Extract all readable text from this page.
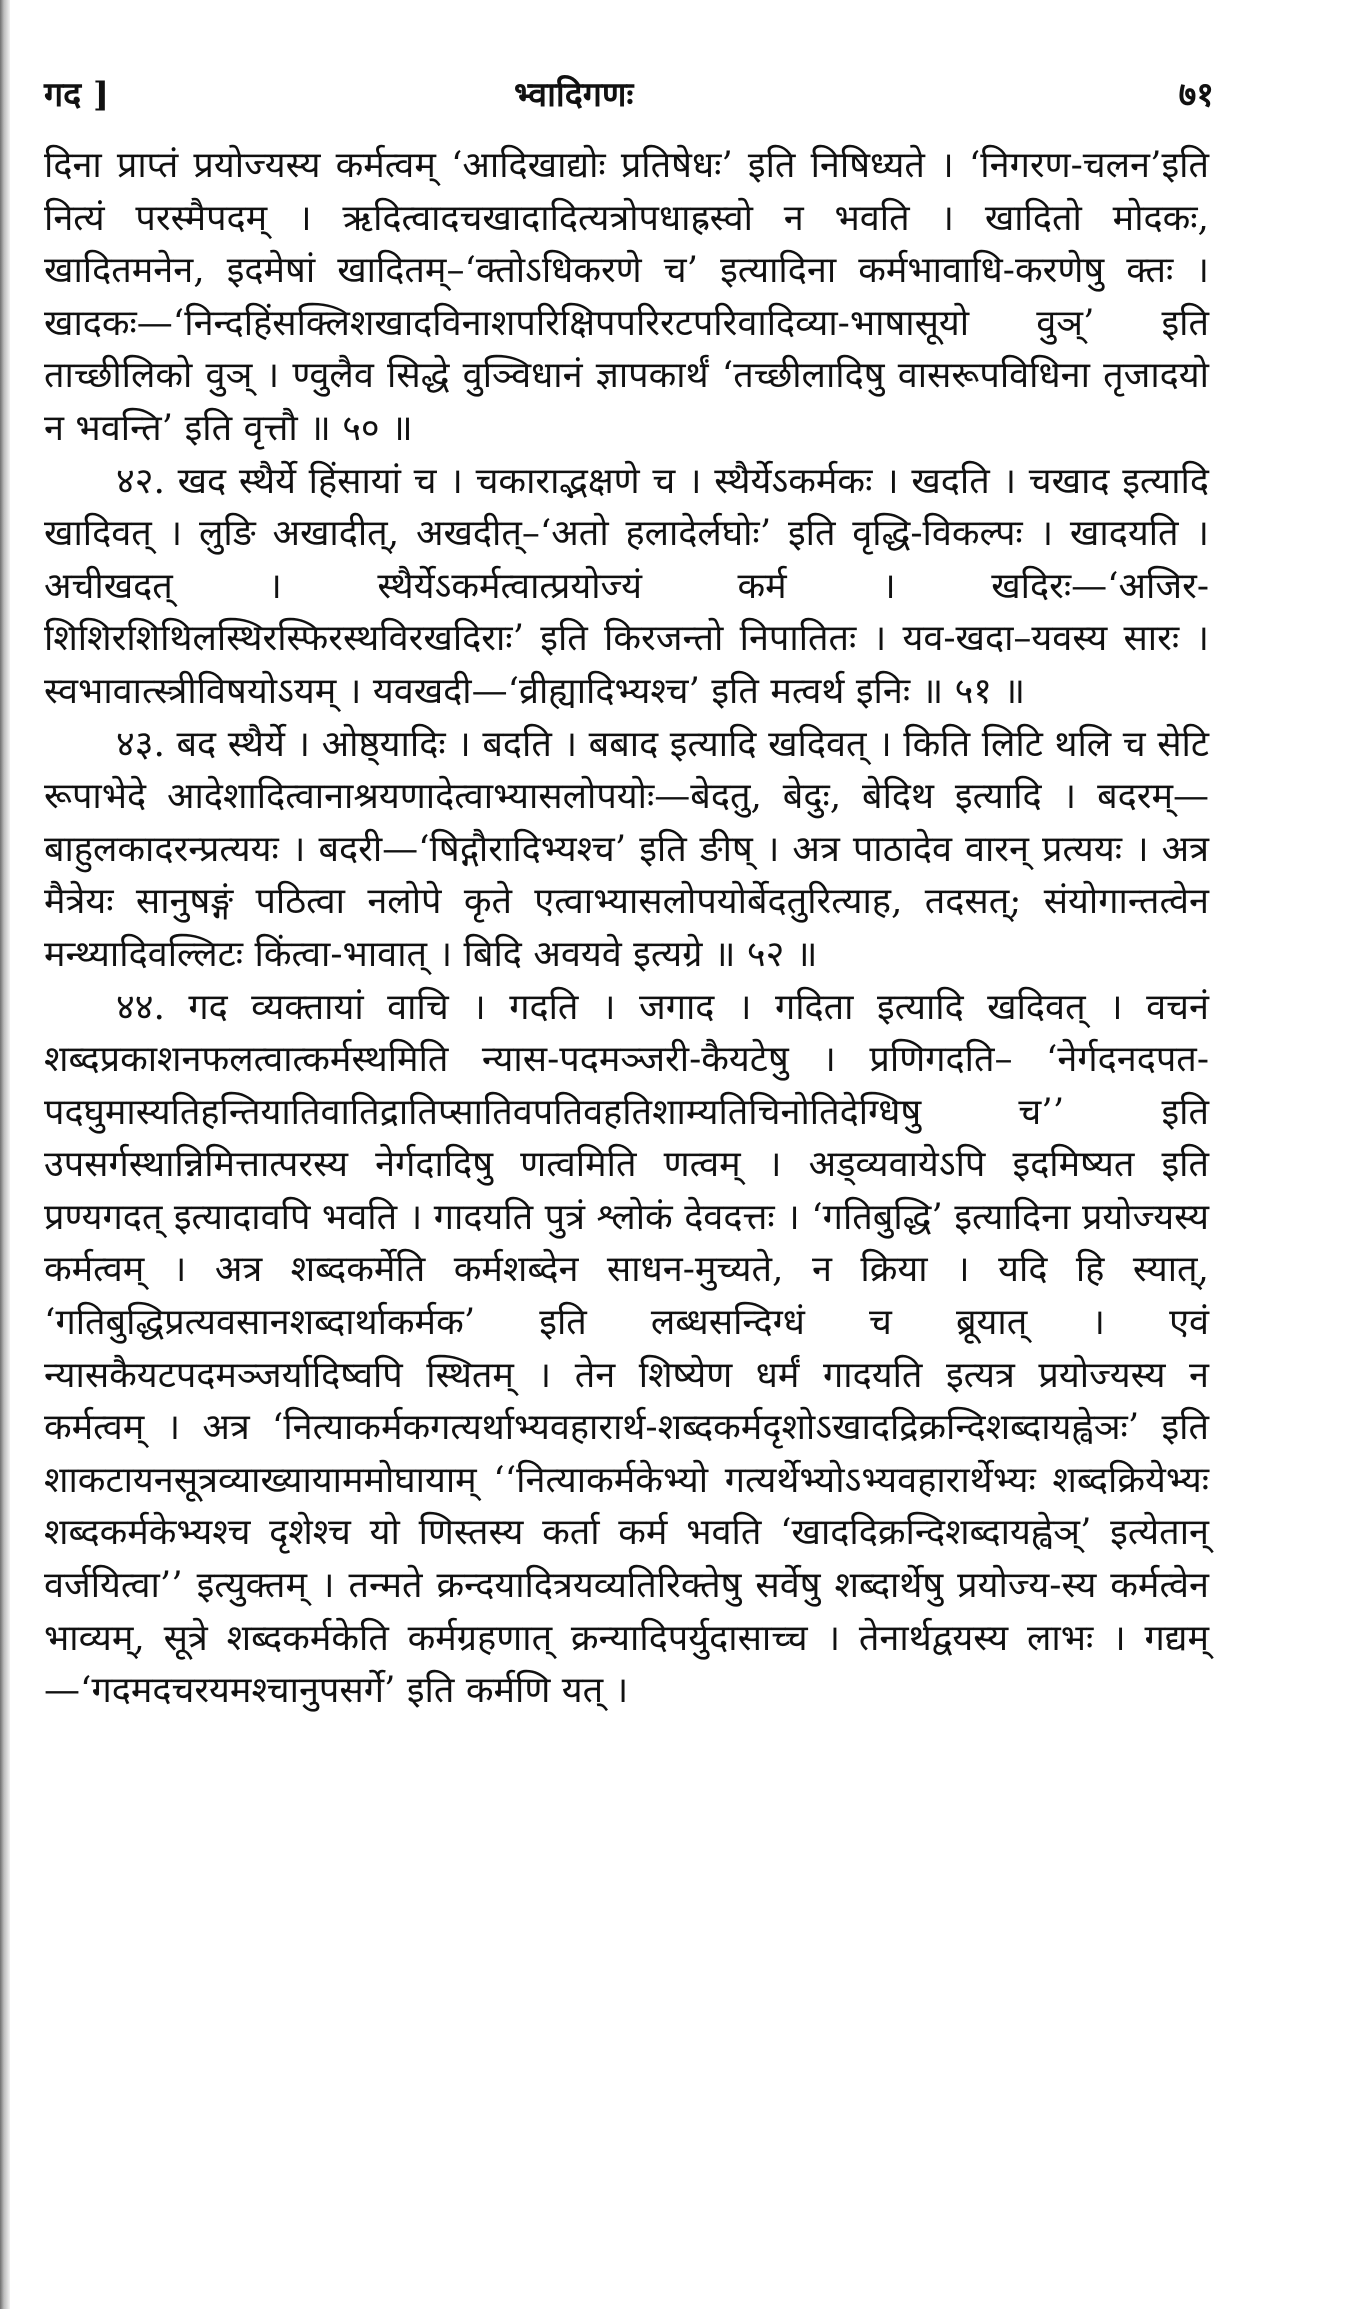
गद ]	भ्वादिगणः	७१

दिना प्राप्तं प्रयोज्यस्य कर्मत्वम् ‘आदिखाद्योः प्रतिषेधः’ इति निषिध्यते । ‘निगरण-चलन’इति नित्यं परस्मैपदम् । ऋदित्वादचखादादित्यत्रोपधाह्रस्वो न भवति । खादितो मोदकः, खादितमनेन, इदमेषां खादितम्–‘क्तोऽधिकरणे च’ इत्यादिना कर्मभावाधि-करणेषु क्तः । खादकः—‘निन्दहिंसक्लिशखादविनाशपरिक्षिपपरिरटपरिवादिव्या-भाषासूयो वुञ्’ इति ताच्छीलिको वुञ् । ण्वुलैव सिद्धे वुञ्विधानं ज्ञापकार्थं ‘तच्छीलादिषु वासरूपविधिना तृजादयो न भवन्ति’ इति वृत्तौ ॥ ५० ॥

४२. खद स्थैर्ये हिंसायां च । चकाराद्भक्षणे च । स्थैर्येऽकर्मकः । खदति । चखाद इत्यादि खादिवत् । लुङि अखादीत्, अखदीत्–‘अतो हलादेर्लघोः’ इति वृद्धि-विकल्पः । खादयति । अचीखदत् । स्थैर्येऽकर्मत्वात्प्रयोज्यं कर्म । खदिरः—‘अजिर-शिशिरशिथिलस्थिरस्फिरस्थविरखदिराः’ इति किरजन्तो निपातितः । यव-खदा–यवस्य सारः । स्वभावात्स्त्रीविषयोऽयम् । यवखदी—‘व्रीह्यादिभ्यश्च’ इति मत्वर्थ इनिः ॥ ५१ ॥

४३. बद स्थैर्ये । ओष्ठ्यादिः । बदति । बबाद इत्यादि खदिवत् । किति लिटि थलि च सेटि रूपाभेदे आदेशादित्वानाश्रयणादेत्वाभ्यासलोपयोः—बेदतु, बेदुः, बेदिथ इत्यादि । बदरम्—बाहुलकादरन्प्रत्ययः । बदरी—‘षिद्गौरादिभ्यश्च’ इति ङीष् । अत्र पाठादेव वारन् प्रत्ययः । अत्र मैत्रेयः सानुषङ्गं पठित्वा नलोपे कृते एत्वाभ्यासलोपयोर्बेदतुरित्याह, तदसत्; संयोगान्तत्वेन मन्थ्यादिवल्लिटः किंत्वा-भावात् । बिदि अवयवे इत्यग्रे ॥ ५२ ॥

४४. गद व्यक्तायां वाचि । गदति । जगाद । गदिता इत्यादि खदिवत् । वचनं शब्दप्रकाशनफलत्वात्कर्मस्थमिति न्यास-पदमञ्जरी-कैयटेषु । प्रणिगदति– ‘नेर्गदनदपत-पदघुमास्यतिहन्तियातिवातिद्रातिप्सातिवपतिवहतिशाम्यतिचिनोतिदेग्धिषु च’’ इति उपसर्गस्थान्निमित्तात्परस्य नेर्गदादिषु णत्वमिति णत्वम् । अड्व्यवायेऽपि इदमिष्यत इति प्रण्यगदत् इत्यादावपि भवति । गादयति पुत्रं श्लोकं देवदत्तः । ‘गतिबुद्धि’ इत्यादिना प्रयोज्यस्य कर्मत्वम् । अत्र शब्दकर्मेति कर्मशब्देन साधन-मुच्यते, न क्रिया । यदि हि स्यात्, ‘गतिबुद्धिप्रत्यवसानशब्दार्थाकर्मक’ इति लब्धसन्दिग्धं च ब्रूयात् । एवं न्यासकैयटपदमञ्जर्यादिष्वपि स्थितम् । तेन शिष्येण धर्मं गादयति इत्यत्र प्रयोज्यस्य न कर्मत्वम् । अत्र ‘नित्याकर्मकगत्यर्थाभ्यवहारार्थ-शब्दकर्मदृशोऽखादद्रिक्रन्दिशब्दायह्वेञः’ इति शाकटायनसूत्रव्याख्यायाममोघायाम् ‘‘नित्याकर्मकेभ्यो गत्यर्थेभ्योऽभ्यवहारार्थेभ्यः शब्दक्रियेभ्यः शब्दकर्मकेभ्यश्च दृशेश्च यो णिस्तस्य कर्ता कर्म भवति ‘खाददिक्रन्दिशब्दायह्वेञ्’ इत्येतान् वर्जयित्वा’’ इत्युक्तम् । तन्मते क्रन्दयादित्रयव्यतिरिक्तेषु सर्वेषु शब्दार्थेषु प्रयोज्य-स्य कर्मत्वेन भाव्यम्, सूत्रे शब्दकर्मकेति कर्मग्रहणात् क्रन्यादिपर्युदासाच्च । तेनार्थद्वयस्य लाभः । गद्यम्—‘गदमदचरयमश्चानुपसर्गे’ इति कर्मणि यत् ।
